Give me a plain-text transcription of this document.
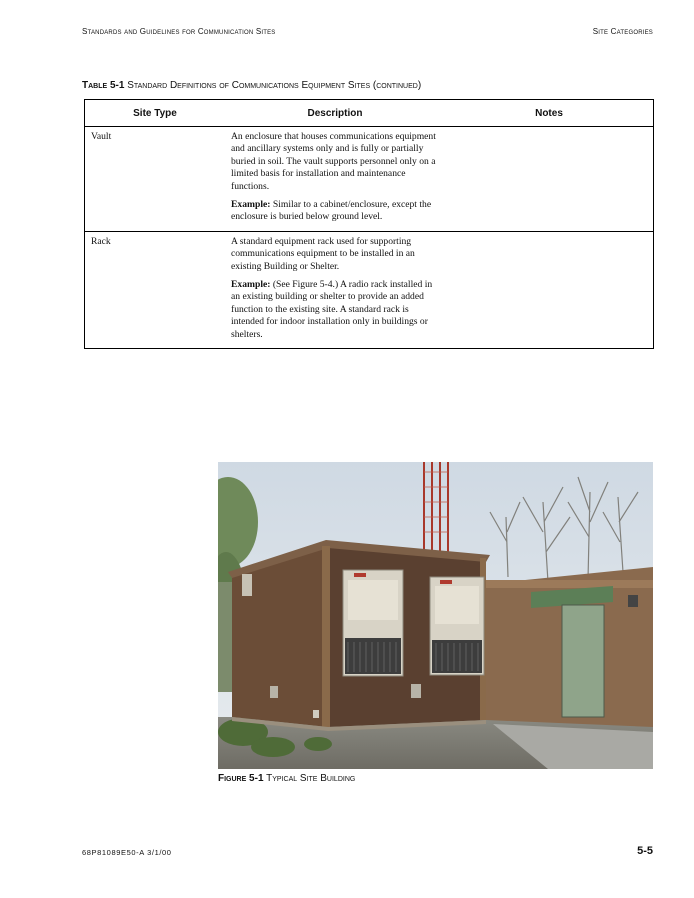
Standards and Guidelines for Communication Sites	Site Categories
Table 5-1 Standard Definitions of Communications Equipment Sites (continued)
Site Type	Description	Notes
Vault	An enclosure that houses communications equipment and ancillary systems only and is fully or partially buried in soil. The vault supports personnel only on a limited basis for installation and maintenance functions.

Example: Similar to a cabinet/enclosure, except the enclosure is buried below ground level.	

Rack	A standard equipment rack used for supporting communications equipment to be installed in an existing Building or Shelter.

Example: (See Figure 5-4.) A radio rack installed in an existing building or shelter to provide an added function to the existing site. A standard rack is intended for indoor installation only in buildings or shelters.	

Figure 5-1 Typical Site Building
68P81089E50-A 3/1/00	5-5
